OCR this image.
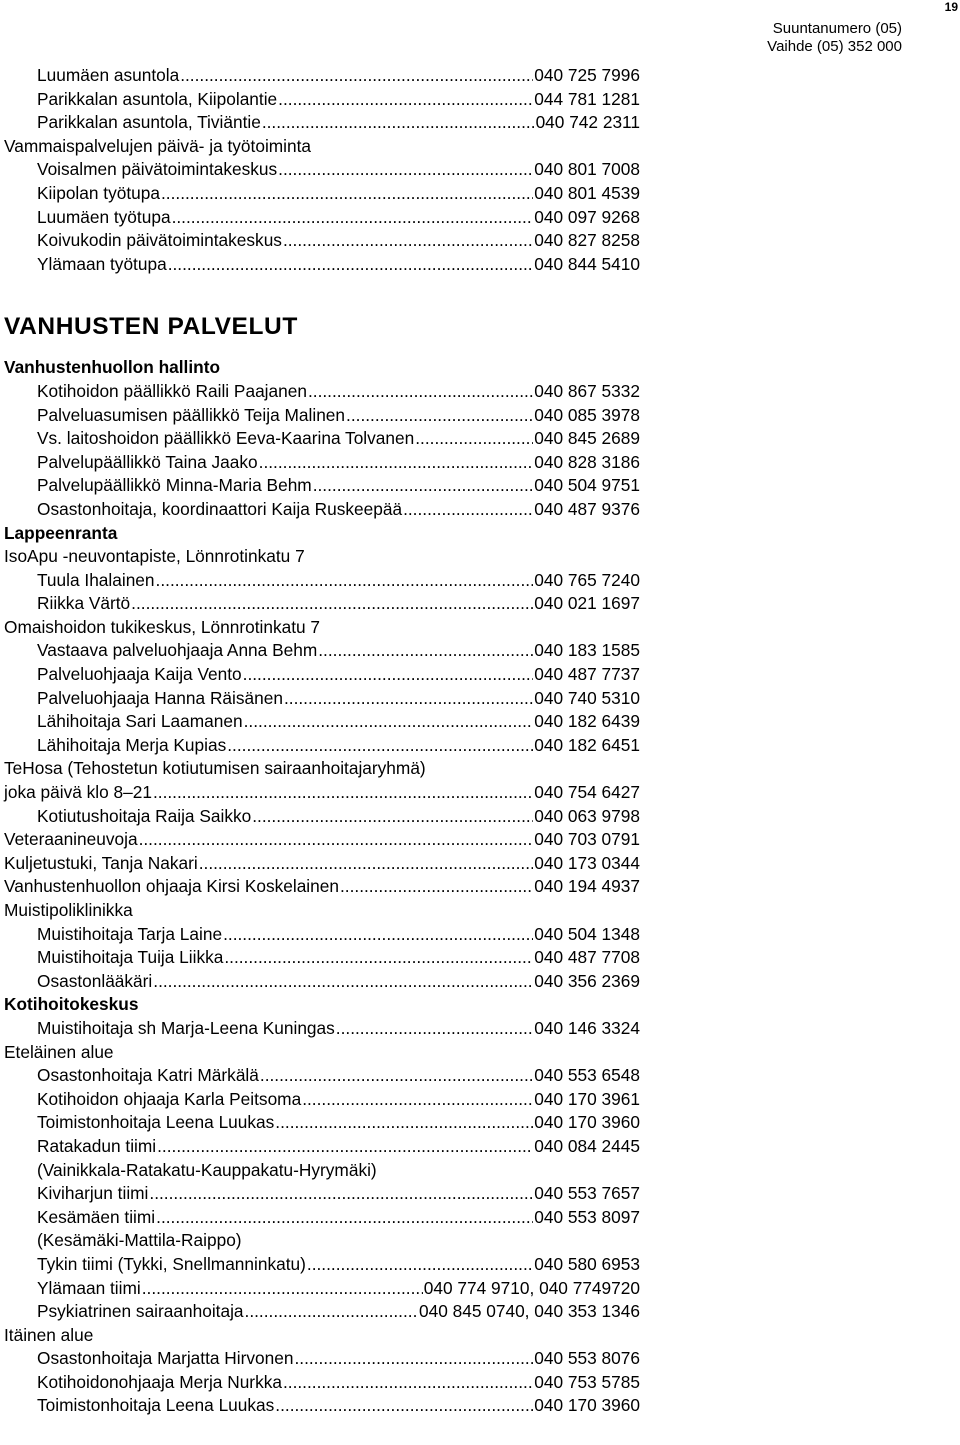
19
Suuntanumero (05)
Vaihde (05) 352 000
Luumäen asuntola .....	040 725 7996
Parikkalan asuntola, Kiipolantie .....	044 781 1281
Parikkalan asuntola, Tiviäntie .....	040 742 2311
Vammaispalvelujen päivä- ja työtoiminta
Voisalmen päivätoimintakeskus .....	040 801 7008
Kiipolan työtupa .....	040 801 4539
Luumäen työtupa .....	040 097 9268
Koivukodin päivätoimintakeskus .....	040 827 8258
Ylämaan työtupa .....	040 844 5410
VANHUSTEN PALVELUT
Vanhustenhuollon hallinto
Kotihoidon päällikkö Raili Paajanen .....	040 867 5332
Palveluasumisen päällikkö Teija Malinen .....	040 085 3978
Vs. laitoshoidon päällikkö Eeva-Kaarina Tolvanen .....	040 845 2689
Palvelupäällikkö Taina Jaako .....	040 828 3186
Palvelupäällikkö Minna-Maria Behm .....	040 504 9751
Osastonhoitaja, koordinaattori Kaija Ruskeepää .....	040 487 9376
Lappeenranta
IsoApu -neuvontapiste, Lönnrotinkatu 7
Tuula Ihalainen .....	040 765 7240
Riikka Värtö .....	040 021 1697
Omaishoidon tukikeskus, Lönnrotinkatu 7
Vastaava palveluohjaaja Anna Behm .....	040 183 1585
Palveluohjaaja Kaija Vento .....	040 487 7737
Palveluohjaaja Hanna Räisänen .....	040 740 5310
Lähihoitaja Sari Laamanen .....	040 182 6439
Lähihoitaja Merja Kupias .....	040 182 6451
TeHosa (Tehostetun kotiutumisen sairaanhoitajaryhmä)
joka päivä klo 8–21 .....	040 754 6427
Kotiutushoitaja Raija Saikko .....	040 063 9798
Veteraanineuvoja .....	040 703 0791
Kuljetustuki, Tanja Nakari .....	040 173 0344
Vanhustenhuollon ohjaaja Kirsi Koskelainen .....	040 194 4937
Muistipoliklinikka
Muistihoitaja Tarja Laine .....	040 504 1348
Muistihoitaja Tuija Liikka .....	040 487 7708
Osastonlääkäri .....	040 356 2369
Kotihoitokeskus
Muistihoitaja sh Marja-Leena Kuningas .....	040 146 3324
Eteläinen alue
Osastonhoitaja Katri Märkälä .....	040 553 6548
Kotihoidon ohjaaja Karla Peitsoma .....	040 170 3961
Toimistonhoitaja Leena Luukas .....	040 170 3960
Ratakadun tiimi .....	040 084 2445
(Vainikkala-Ratakatu-Kauppakatu-Hyrymäki)
Kiviharjun tiimi .....	040 553 7657
Kesämäen tiimi .....	040 553 8097
(Kesämäki-Mattila-Raippo)
Tykin tiimi (Tykki, Snellmanninkatu) .....	040 580 6953
Ylämaan tiimi .....	040 774 9710, 040 7749720
Psykiatrinen sairaanhoitaja .....	040 845 0740, 040 353 1346
Itäinen alue
Osastonhoitaja Marjatta Hirvonen .....	040 553 8076
Kotihoidonohjaaja Merja Nurkka .....	040 753 5785
Toimistonhoitaja Leena Luukas .....	040 170 3960
